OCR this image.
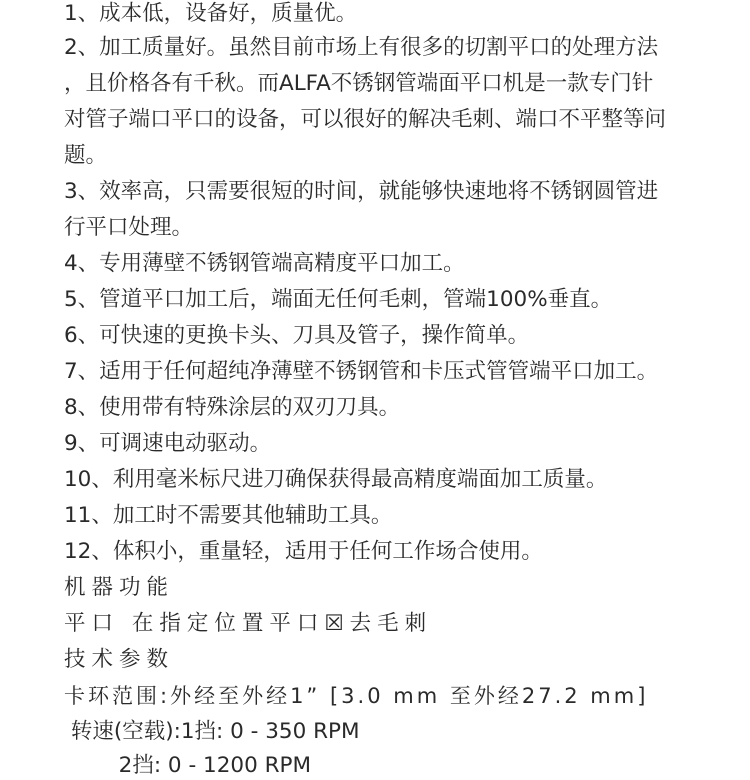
1、成本低，设备好，质量优。

2、加工质量好。虽然目前市场上有很多的切割平口的处理方法

，且价格各有千秋。而ALFA不锈钢管端面平口机是一款专门针

对管子端口平口的设备，可以很好的解决毛刺、端口不平整等问

题。

3、效率高，只需要很短的时间，就能够快速地将不锈钢圆管进

行平口处理。

4、专用薄壁不锈钢管端高精度平口加工。

5、管道平口加工后，端面无任何毛刺，管端100%垂直。

6、可快速的更换卡头、刀具及管子，操作简单。

7、适用于任何超纯净薄壁不锈钢管和卡压式管管端平口加工。

8、使用带有特殊涂层的双刃刀具。

9、可调速电动驱动。

10、利用毫米标尺进刀确保获得最高精度端面加工质量。

11、加工时不需要其他辅助工具。

12、体积小，重量轻，适用于任何工作场合使用。

机器功能

平口 在指定位置平口☒去毛刺

技术参数

卡环范围:外经至外经1” [3.0 mm 至外经27.2 mm]

转速(空载):1挡: 0 - 350 RPM

2挡: 0 - 1200 RPM
